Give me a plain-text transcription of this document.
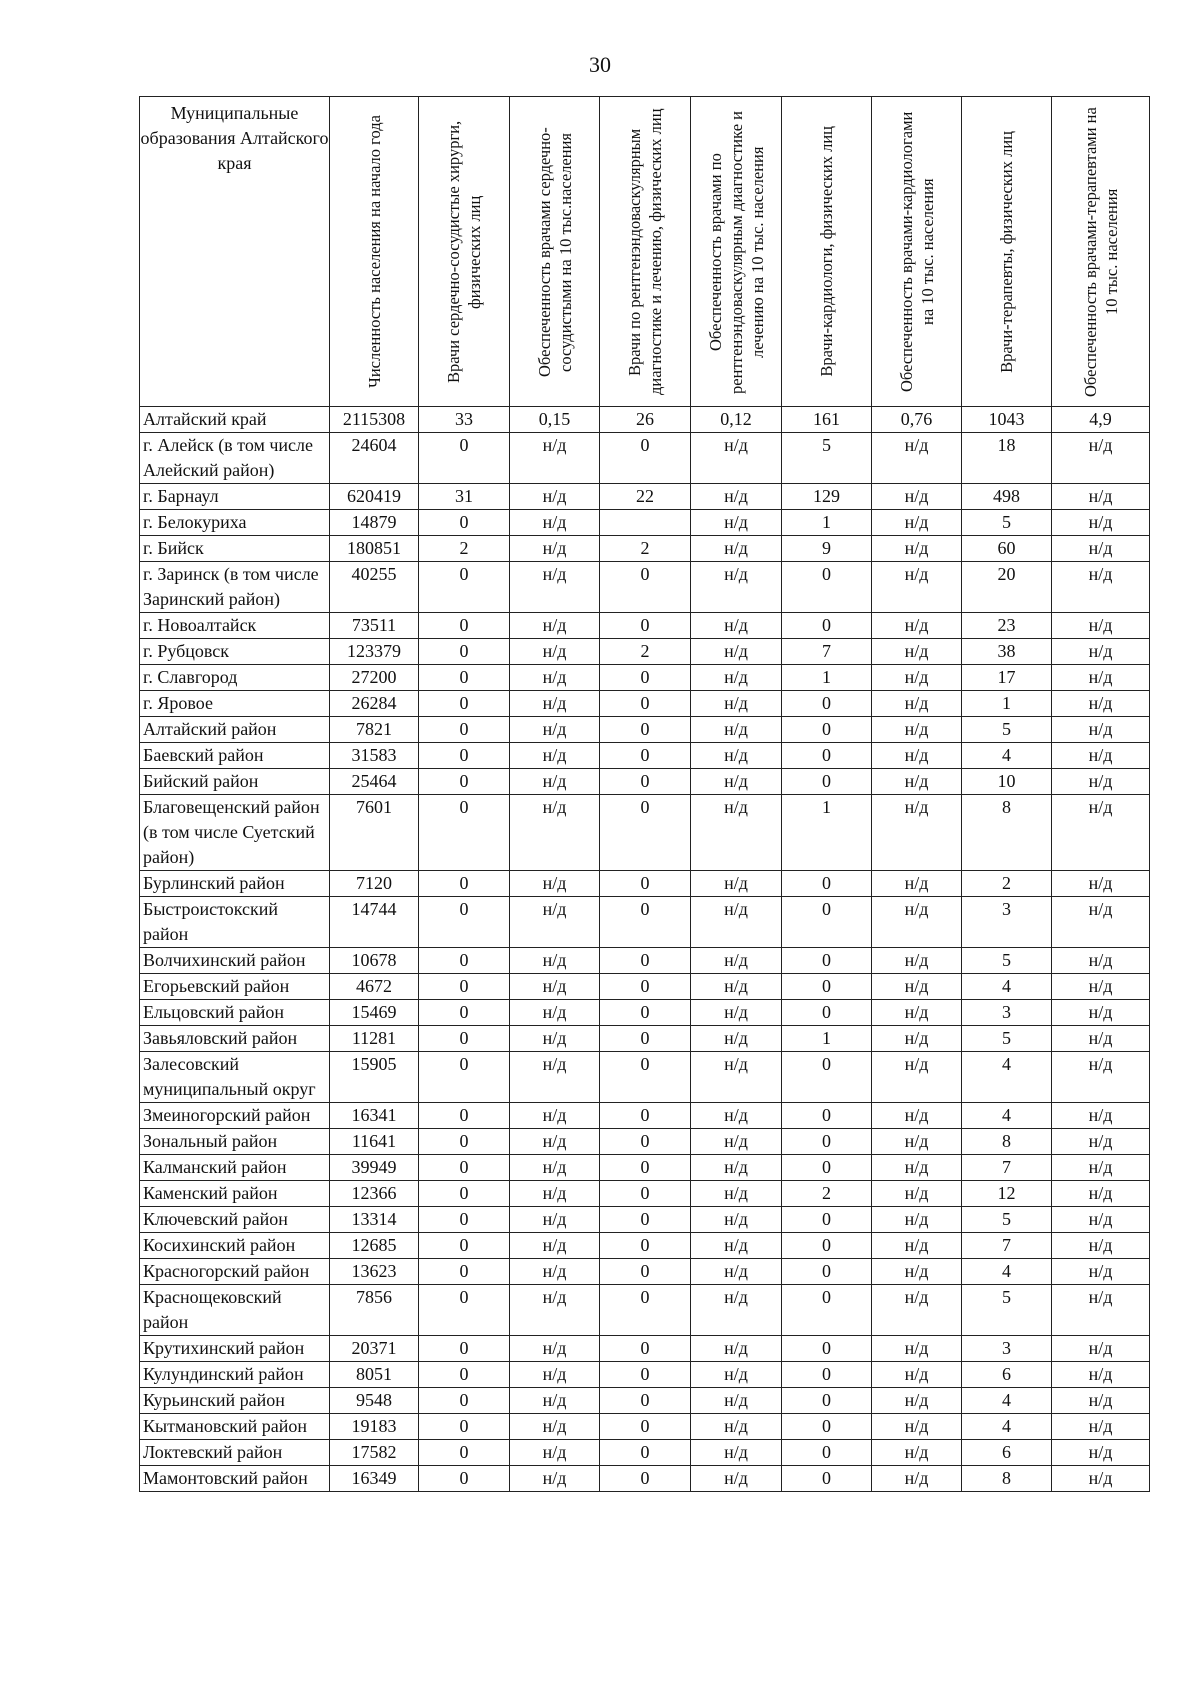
30
Муниципальные образования Алтайского края	Численность населения на начало года	Врачи сердечно-сосудистые хирурги, физических лиц	Обеспеченность врачами сердечно-сосудистыми на 10 тыс.населения	Врачи по рентгенэндоваскулярным диагностике и лечению, физических лиц	Обеспеченность врачами по рентгенэндоваскулярным диагностике и лечению на 10 тыс. населения	Врачи-кардиологи, физических лиц	Обеспеченность врачами-кардиологами на 10 тыс. населения	Врачи-терапевты, физических лиц	Обеспеченность врачами-терапевтами на 10 тыс. населения

Алтайский край	2115308	33	0,15	26	0,12	161	0,76	1043	4,9
г. Алейск (в том числе Алейский район)	24604	0	н/д	0	н/д	5	н/д	18	н/д
г. Барнаул	620419	31	н/д	22	н/д	129	н/д	498	н/д
г. Белокуриха	14879	0	н/д		н/д	1	н/д	5	н/д
г. Бийск	180851	2	н/д	2	н/д	9	н/д	60	н/д
г. Заринск (в том числе Заринский район)	40255	0	н/д	0	н/д	0	н/д	20	н/д
г. Новоалтайск	73511	0	н/д	0	н/д	0	н/д	23	н/д
г. Рубцовск	123379	0	н/д	2	н/д	7	н/д	38	н/д
г. Славгород	27200	0	н/д	0	н/д	1	н/д	17	н/д
г. Яровое	26284	0	н/д	0	н/д	0	н/д	1	н/д
Алтайский район	7821	0	н/д	0	н/д	0	н/д	5	н/д
Баевский район	31583	0	н/д	0	н/д	0	н/д	4	н/д
Бийский район	25464	0	н/д	0	н/д	0	н/д	10	н/д
Благовещенский район (в том числе Суетский район)	7601	0	н/д	0	н/д	1	н/д	8	н/д
Бурлинский район	7120	0	н/д	0	н/д	0	н/д	2	н/д
Быстроистокский район	14744	0	н/д	0	н/д	0	н/д	3	н/д
Волчихинский район	10678	0	н/д	0	н/д	0	н/д	5	н/д
Егорьевский район	4672	0	н/д	0	н/д	0	н/д	4	н/д
Ельцовский район	15469	0	н/д	0	н/д	0	н/д	3	н/д
Завьяловский район	11281	0	н/д	0	н/д	1	н/д	5	н/д
Залесовский муниципальный округ	15905	0	н/д	0	н/д	0	н/д	4	н/д
Змеиногорский район	16341	0	н/д	0	н/д	0	н/д	4	н/д
Зональный район	11641	0	н/д	0	н/д	0	н/д	8	н/д
Калманский район	39949	0	н/д	0	н/д	0	н/д	7	н/д
Каменский район	12366	0	н/д	0	н/д	2	н/д	12	н/д
Ключевский район	13314	0	н/д	0	н/д	0	н/д	5	н/д
Косихинский район	12685	0	н/д	0	н/д	0	н/д	7	н/д
Красногорский район	13623	0	н/д	0	н/д	0	н/д	4	н/д
Краснощековский район	7856	0	н/д	0	н/д	0	н/д	5	н/д
Крутихинский район	20371	0	н/д	0	н/д	0	н/д	3	н/д
Кулундинский район	8051	0	н/д	0	н/д	0	н/д	6	н/д
Курьинский район	9548	0	н/д	0	н/д	0	н/д	4	н/д
Кытмановский район	19183	0	н/д	0	н/д	0	н/д	4	н/д
Локтевский район	17582	0	н/д	0	н/д	0	н/д	6	н/д
Мамонтовский район	16349	0	н/д	0	н/д	0	н/д	8	н/д
